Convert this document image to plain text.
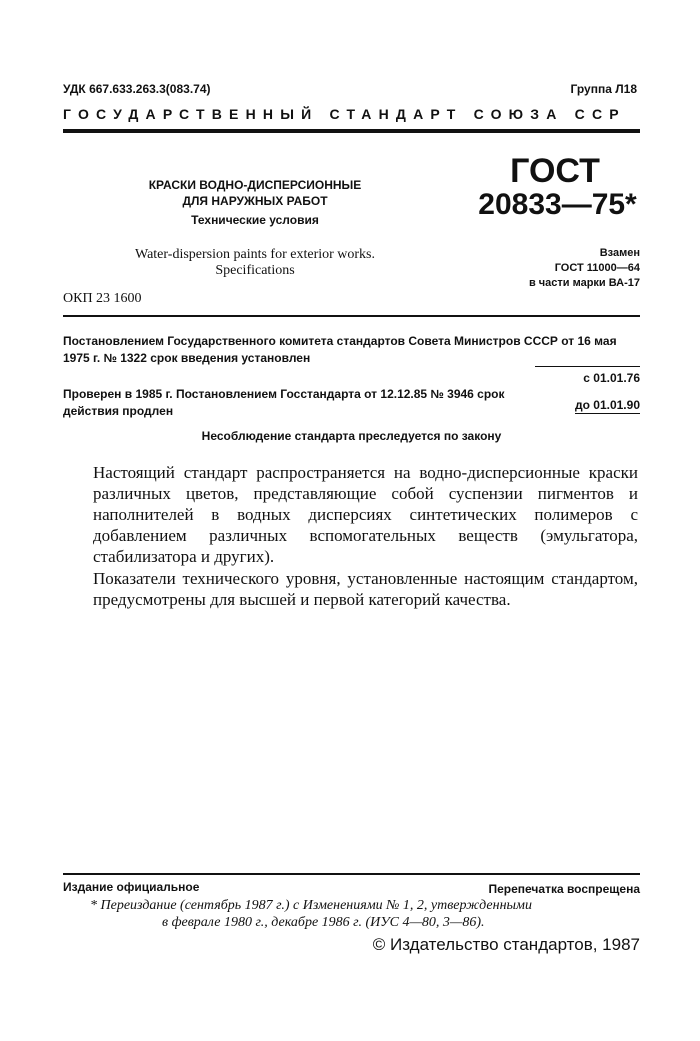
УДК 667.633.263.3(083.74)	Группа Л18
ГОСУДАРСТВЕННЫЙ СТАНДАРТ СОЮЗА ССР
КРАСКИ ВОДНО-ДИСПЕРСИОННЫЕ ДЛЯ НАРУЖНЫХ РАБОТ
Технические условия
Water-dispersion paints for exterior works. Specifications
ОКП 23 1600
ГОСТ
20833—75*
Взамен
ГОСТ 11000—64
в части марки ВА-17
Постановлением Государственного комитета стандартов Совета Министров СССР от 16 мая 1975 г. № 1322 срок введения установлен
с 01.01.76
Проверен в 1985 г. Постановлением Госстандарта от 12.12.85 № 3946 срок действия продлен	до 01.01.90
Несоблюдение стандарта преследуется по закону

Настоящий стандарт распространяется на водно-дисперсионные краски различных цветов, представляющие собой суспензии пигментов и наполнителей в водных дисперсиях синтетических полимеров с добавлением различных вспомогательных веществ (эмульгатора, стабилизатора и других).

Показатели технического уровня, установленные настоящим стандартом, предусмотрены для высшей и первой категорий качества.

Издание официальное	Перепечатка воспрещена
* Переиздание (сентябрь 1987 г.) с Изменениями № 1, 2, утвержденными
в феврале 1980 г., декабре 1986 г. (ИУС 4—80, 3—86).
© Издательство стандартов, 1987
